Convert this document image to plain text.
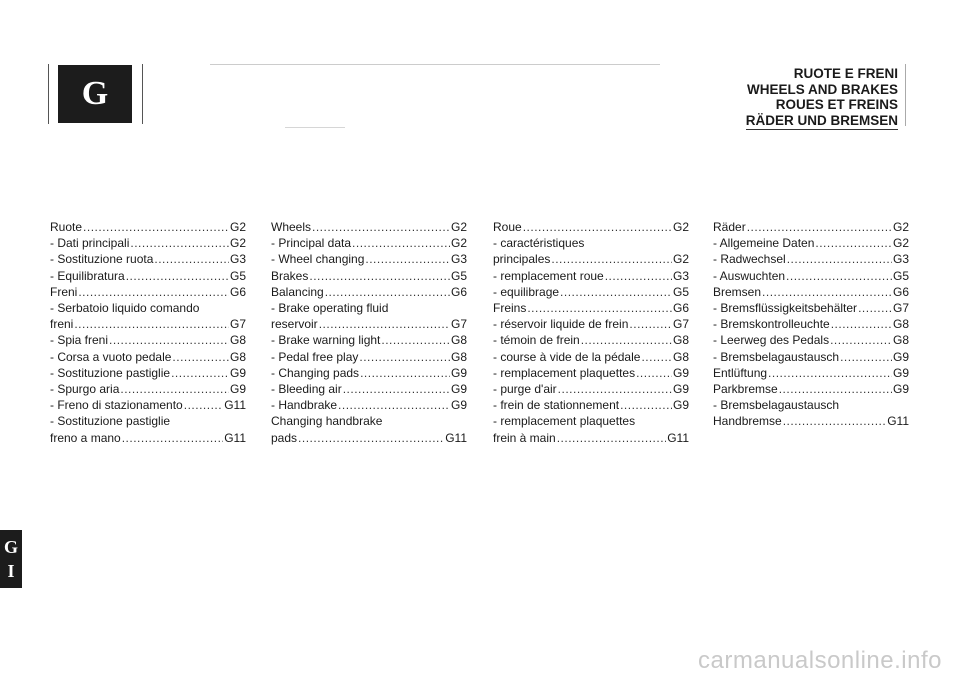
G
RUOTE E FRENI
WHEELS AND BRAKES
ROUES ET FREINS
RÄDER UND BREMSEN
Ruote .....	G2
- Dati principali .....	G2
- Sostituzione ruota .....	G3
- Equilibratura .....	G5
Freni .....	G6
- Serbatoio liquido comando
freni .....	G7
- Spia freni .....	G8
- Corsa a vuoto pedale .....	G8
- Sostituzione pastiglie .....	G9
- Spurgo aria .....	G9
- Freno di stazionamento .....	G11
- Sostituzione pastiglie
freno a mano .....	G11
Wheels .....	G2
- Principal data .....	G2
- Wheel changing .....	G3
Brakes .....	G5
Balancing .....	G6
- Brake operating fluid
reservoir .....	G7
- Brake warning light .....	G8
- Pedal free play .....	G8
- Changing pads .....	G9
- Bleeding air .....	G9
- Handbrake .....	G9
Changing handbrake
pads .....	G11
Roue .....	G2
- caractéristiques
principales .....	G2
- remplacement roue .....	G3
- equilibrage .....	G5
Freins .....	G6
- réservoir liquide de frein .....	G7
- témoin de frein .....	G8
- course à vide de la pédale .....	G8
- remplacement plaquettes .....	G9
- purge d'air .....	G9
- frein de stationnement .....	G9
- remplacement plaquettes
frein à main .....	G11
Räder .....	G2
- Allgemeine Daten .....	G2
- Radwechsel .....	G3
- Auswuchten .....	G5
Bremsen .....	G6
- Bremsflüssigkeitsbehälter .....	G7
- Bremskontrolleuchte .....	G8
- Leerweg des Pedals .....	G8
- Bremsbelagaustausch .....	G9
Entlüftung .....	G9
Parkbremse .....	G9
- Bremsbelagaustausch
Handbremse .....	G11
G
I
carmanualsonline.info
